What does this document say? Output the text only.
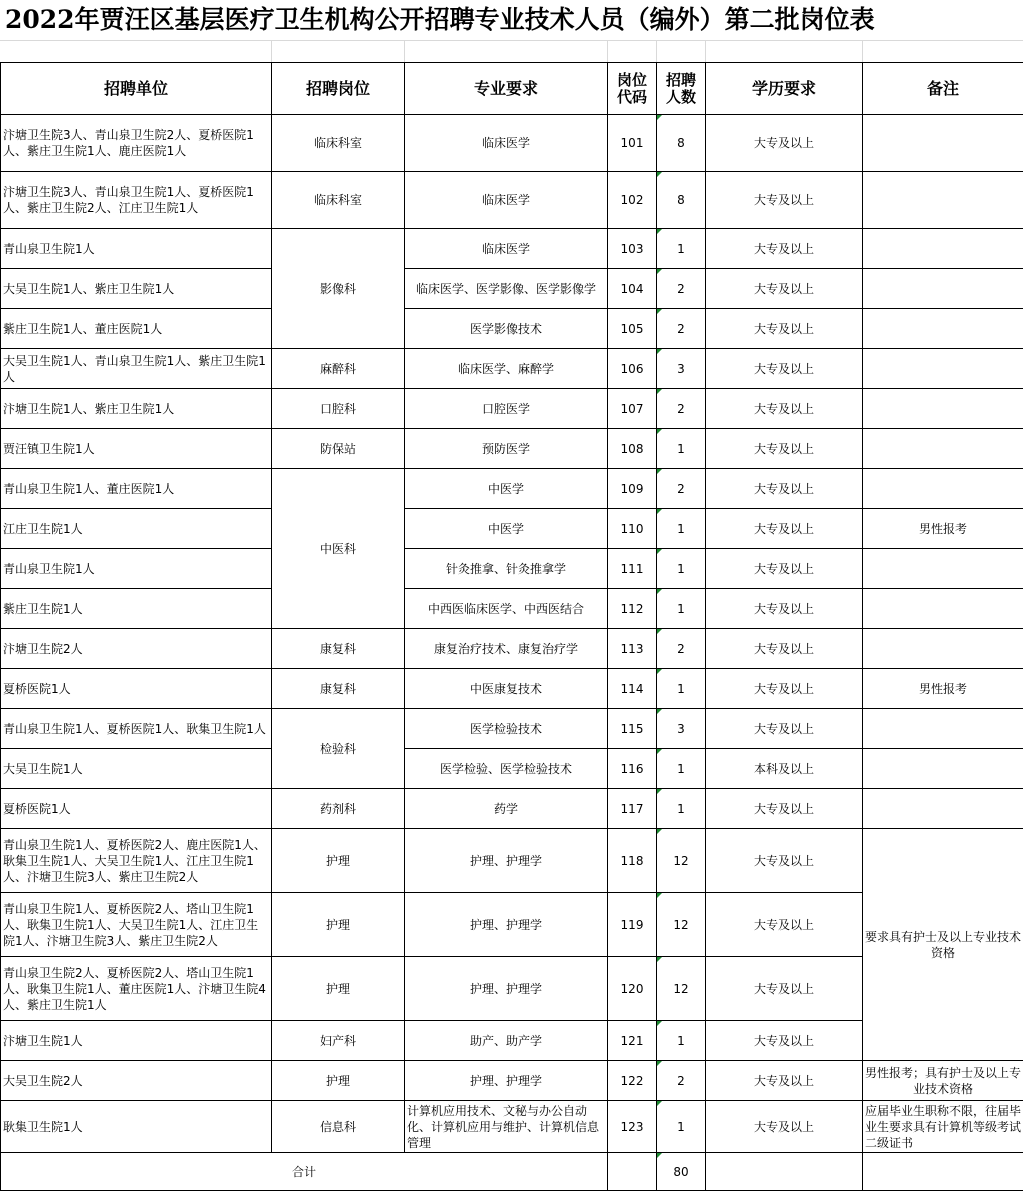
2022年贾汪区基层医疗卫生机构公开招聘专业技术人员（编外）第二批岗位表
招聘单位	招聘岗位	专业要求	岗位代码	招聘人数	学历要求	备注
汴塘卫生院3人、青山泉卫生院2人、夏桥医院1人、紫庄卫生院1人、鹿庄医院1人	临床科室	临床医学	101	8	大专及以上	
汴塘卫生院3人、青山泉卫生院1人、夏桥医院1人、紫庄卫生院2人、江庄卫生院1人	临床科室	临床医学	102	8	大专及以上	
青山泉卫生院1人	影像科	临床医学	103	1	大专及以上	
大吴卫生院1人、紫庄卫生院1人		临床医学、医学影像、医学影像学	104	2	大专及以上	
紫庄卫生院1人、董庄医院1人		医学影像技术	105	2	大专及以上	
大吴卫生院1人、青山泉卫生院1人、紫庄卫生院1人	麻醉科	临床医学、麻醉学	106	3	大专及以上	
汴塘卫生院1人、紫庄卫生院1人	口腔科	口腔医学	107	2	大专及以上	
贾汪镇卫生院1人	防保站	预防医学	108	1	大专及以上	
青山泉卫生院1人、董庄医院1人	中医科	中医学	109	2	大专及以上	
江庄卫生院1人		中医学	110	1	大专及以上	男性报考
青山泉卫生院1人		针灸推拿、针灸推拿学	111	1	大专及以上	
紫庄卫生院1人		中西医临床医学、中西医结合	112	1	大专及以上	
汴塘卫生院2人	康复科	康复治疗技术、康复治疗学	113	2	大专及以上	
夏桥医院1人	康复科	中医康复技术	114	1	大专及以上	男性报考
青山泉卫生院1人、夏桥医院1人、耿集卫生院1人	检验科	医学检验技术	115	3	大专及以上	
大吴卫生院1人		医学检验、医学检验技术	116	1	本科及以上	
夏桥医院1人	药剂科	药学	117	1	大专及以上	
青山泉卫生院1人、夏桥医院2人、鹿庄医院1人、耿集卫生院1人、大吴卫生院1人、江庄卫生院1人、汴塘卫生院3人、紫庄卫生院2人	护理	护理、护理学	118	12	大专及以上	要求具有护士及以上专业技术资格
青山泉卫生院1人、夏桥医院2人、塔山卫生院1人、耿集卫生院1人、大吴卫生院1人、江庄卫生院1人、汴塘卫生院3人、紫庄卫生院2人	护理	护理、护理学	119	12	大专及以上	
青山泉卫生院2人、夏桥医院2人、塔山卫生院1人、耿集卫生院1人、董庄医院1人、汴塘卫生院4人、紫庄卫生院1人	护理	护理、护理学	120	12	大专及以上	
汴塘卫生院1人	妇产科	助产、助产学	121	1	大专及以上	
大吴卫生院2人	护理	护理、护理学	122	2	大专及以上	男性报考；具有护士及以上专业技术资格
耿集卫生院1人	信息科	计算机应用技术、文秘与办公自动化、计算机应用与维护、计算机信息管理	123	1	大专及以上	应届毕业生职称不限，往届毕业生要求具有计算机等级考试二级证书
合计				80		
